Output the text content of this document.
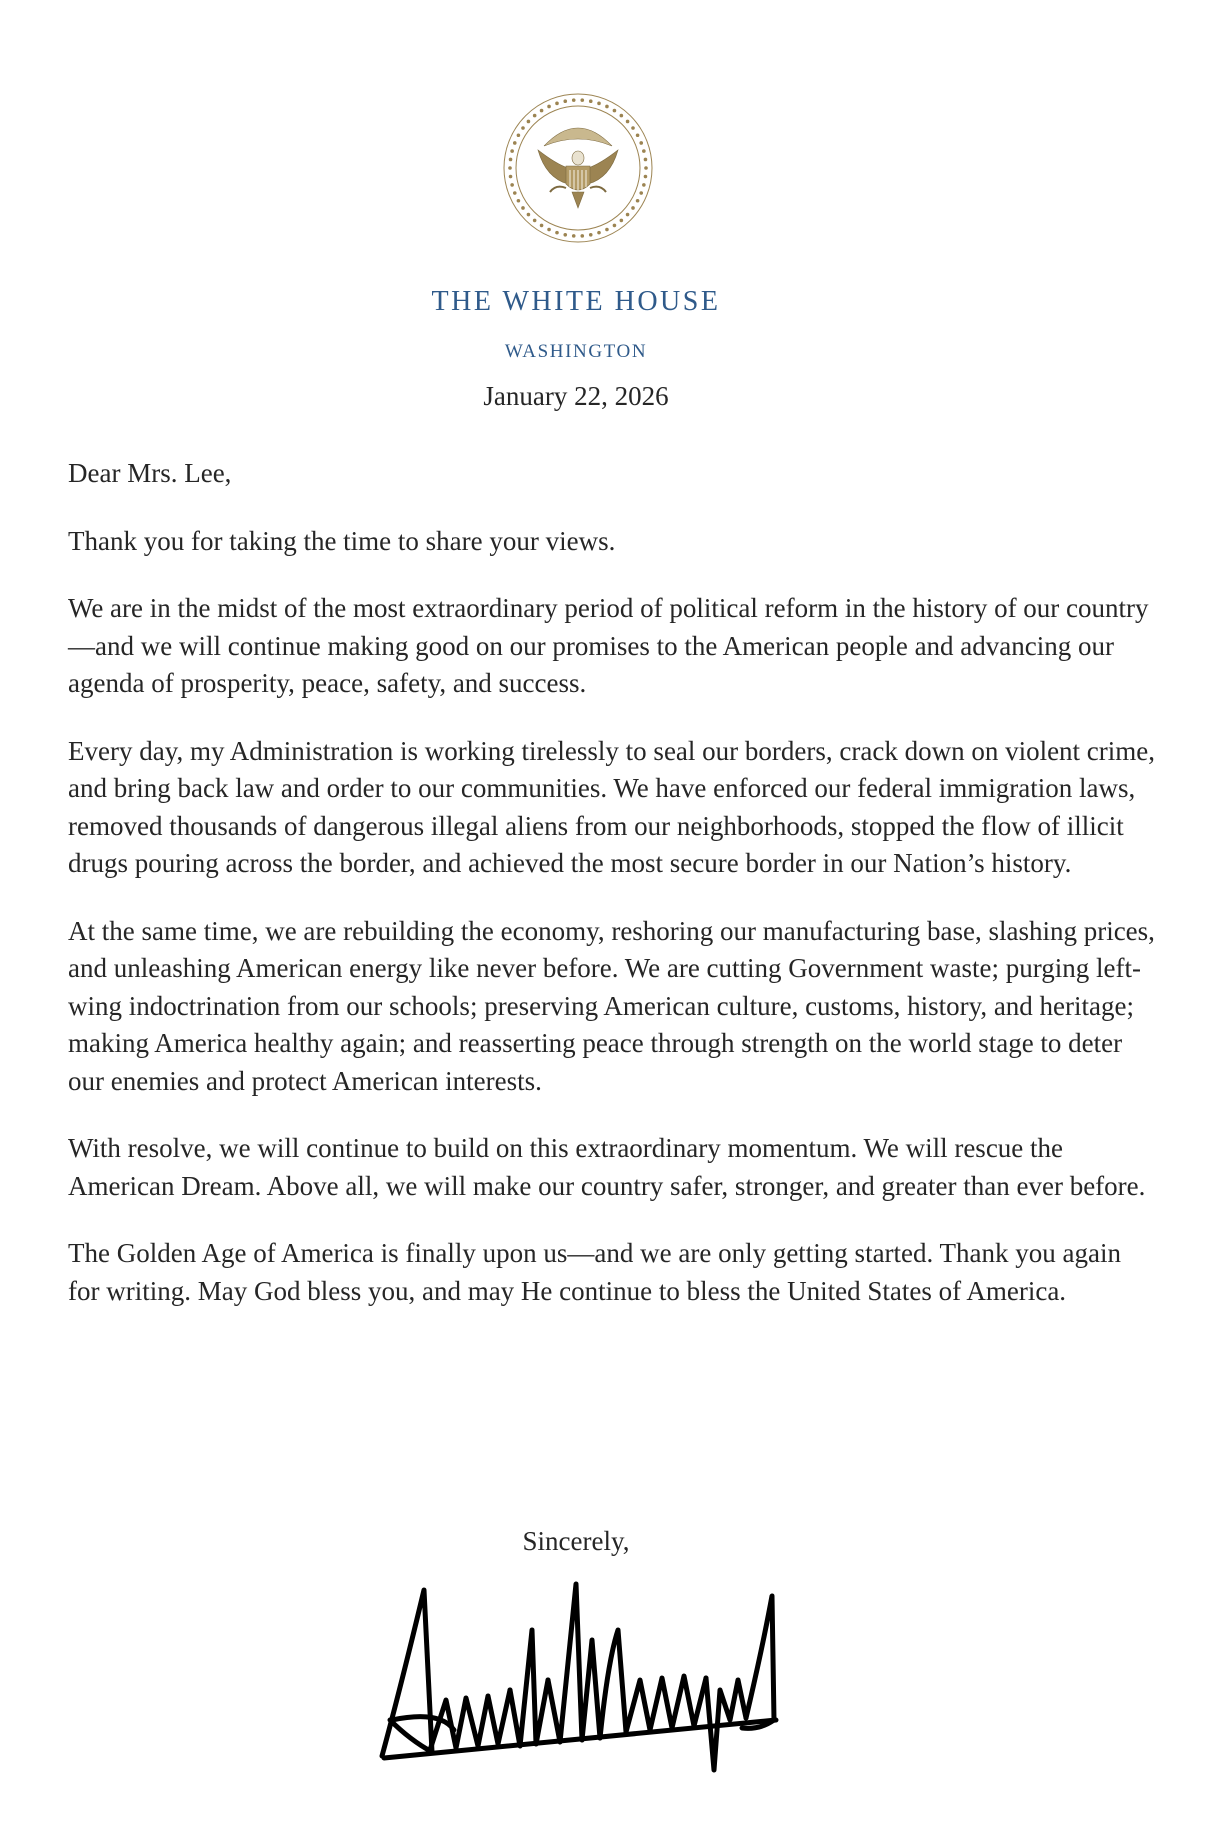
THE WHITE HOUSE
WASHINGTON
January 22, 2026

Dear Mrs. Lee,

Thank you for taking the time to share your views.

We are in the midst of the most extraordinary period of political reform in the history of our country—and we will continue making good on our promises to the American people and advancing our agenda of prosperity, peace, safety, and success.

Every day, my Administration is working tirelessly to seal our borders, crack down on violent crime, and bring back law and order to our communities. We have enforced our federal immigration laws, removed thousands of dangerous illegal aliens from our neighborhoods, stopped the flow of illicit drugs pouring across the border, and achieved the most secure border in our Nation’s history.

At the same time, we are rebuilding the economy, reshoring our manufacturing base, slashing prices, and unleashing American energy like never before. We are cutting Government waste; purging left-wing indoctrination from our schools; preserving American culture, customs, history, and heritage; making America healthy again; and reasserting peace through strength on the world stage to deter our enemies and protect American interests.

With resolve, we will continue to build on this extraordinary momentum. We will rescue the American Dream. Above all, we will make our country safer, stronger, and greater than ever before.

The Golden Age of America is finally upon us—and we are only getting started. Thank you again for writing. May God bless you, and may He continue to bless the United States of America.

Sincerely,
